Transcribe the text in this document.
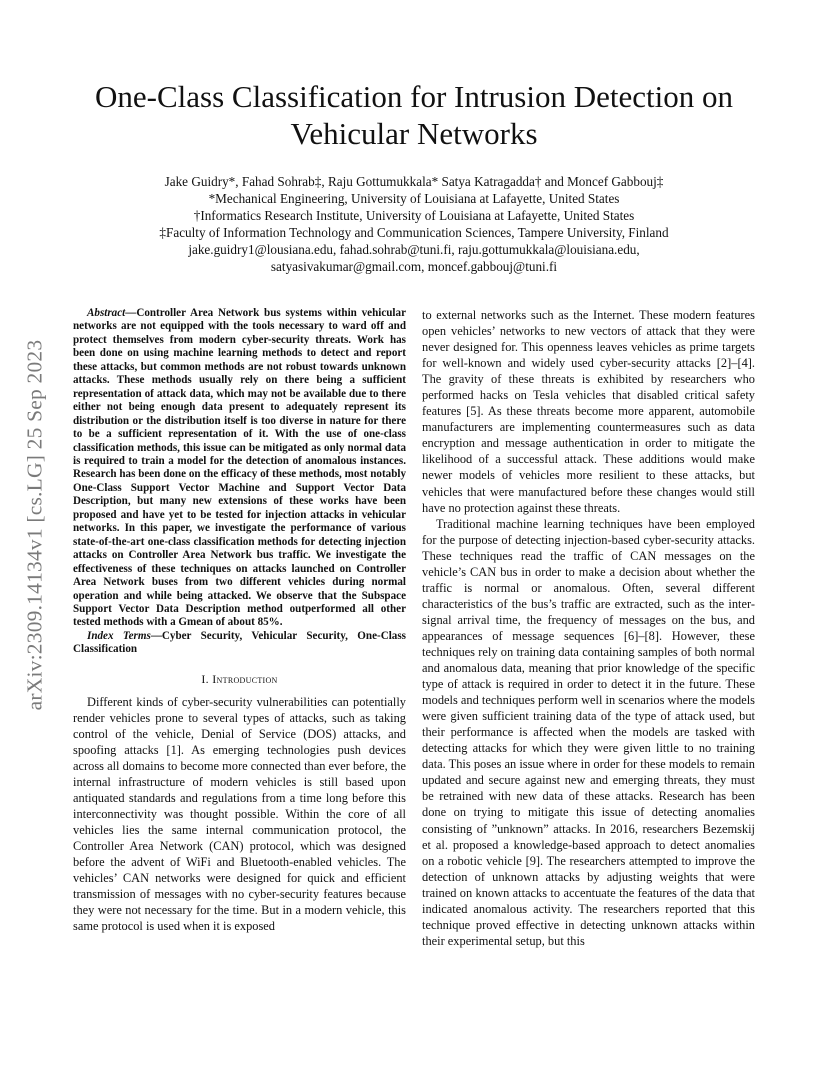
arXiv:2309.14134v1 [cs.LG] 25 Sep 2023
One-Class Classification for Intrusion Detection on Vehicular Networks
Jake Guidry*, Fahad Sohrab‡, Raju Gottumukkala* Satya Katragadda† and Moncef Gabbouj‡
*Mechanical Engineering, University of Louisiana at Lafayette, United States
†Informatics Research Institute, University of Louisiana at Lafayette, United States
‡Faculty of Information Technology and Communication Sciences, Tampere University, Finland
jake.guidry1@lousiana.edu, fahad.sohrab@tuni.fi, raju.gottumukkala@louisiana.edu,
satyasivakumar@gmail.com, moncef.gabbouj@tuni.fi

Abstract—Controller Area Network bus systems within vehicular networks are not equipped with the tools necessary to ward off and protect themselves from modern cyber-security threats. Work has been done on using machine learning methods to detect and report these attacks, but common methods are not robust towards unknown attacks. These methods usually rely on there being a sufficient representation of attack data, which may not be available due to there either not being enough data present to adequately represent its distribution or the distribution itself is too diverse in nature for there to be a sufficient representation of it. With the use of one-class classification methods, this issue can be mitigated as only normal data is required to train a model for the detection of anomalous instances. Research has been done on the efficacy of these methods, most notably One-Class Support Vector Machine and Support Vector Data Description, but many new extensions of these works have been proposed and have yet to be tested for injection attacks in vehicular networks. In this paper, we investigate the performance of various state-of-the-art one-class classification methods for detecting injection attacks on Controller Area Network bus traffic. We investigate the effectiveness of these techniques on attacks launched on Controller Area Network buses from two different vehicles during normal operation and while being attacked. We observe that the Subspace Support Vector Data Description method outperformed all other tested methods with a Gmean of about 85%.

Index Terms—Cyber Security, Vehicular Security, One-Class Classification

I. Introduction

Different kinds of cyber-security vulnerabilities can potentially render vehicles prone to several types of attacks, such as taking control of the vehicle, Denial of Service (DOS) attacks, and spoofing attacks [1]. As emerging technologies push devices across all domains to become more connected than ever before, the internal infrastructure of modern vehicles is still based upon antiquated standards and regulations from a time long before this interconnectivity was thought possible. Within the core of all vehicles lies the same internal communication protocol, the Controller Area Network (CAN) protocol, which was designed before the advent of WiFi and Bluetooth-enabled vehicles. The vehicles’ CAN networks were designed for quick and efficient transmission of messages with no cyber-security features because they were not necessary for the time. But in a modern vehicle, this same protocol is used when it is exposed

to external networks such as the Internet. These modern features open vehicles’ networks to new vectors of attack that they were never designed for. This openness leaves vehicles as prime targets for well-known and widely used cyber-security attacks [2]–[4]. The gravity of these threats is exhibited by researchers who performed hacks on Tesla vehicles that disabled critical safety features [5]. As these threats become more apparent, automobile manufacturers are implementing countermeasures such as data encryption and message authentication in order to mitigate the likelihood of a successful attack. These additions would make newer models of vehicles more resilient to these attacks, but vehicles that were manufactured before these changes would still have no protection against these threats.

Traditional machine learning techniques have been employed for the purpose of detecting injection-based cyber-security attacks. These techniques read the traffic of CAN messages on the vehicle’s CAN bus in order to make a decision about whether the traffic is normal or anomalous. Often, several different characteristics of the bus’s traffic are extracted, such as the inter-signal arrival time, the frequency of messages on the bus, and appearances of message sequences [6]–[8]. However, these techniques rely on training data containing samples of both normal and anomalous data, meaning that prior knowledge of the specific type of attack is required in order to detect it in the future. These models and techniques perform well in scenarios where the models were given sufficient training data of the type of attack used, but their performance is affected when the models are tasked with detecting attacks for which they were given little to no training data. This poses an issue where in order for these models to remain updated and secure against new and emerging threats, they must be retrained with new data of these attacks. Research has been done on trying to mitigate this issue of detecting anomalies consisting of ”unknown” attacks. In 2016, researchers Bezemskij et al. proposed a knowledge-based approach to detect anomalies on a robotic vehicle [9]. The researchers attempted to improve the detection of unknown attacks by adjusting weights that were trained on known attacks to accentuate the features of the data that indicated anomalous activity. The researchers reported that this technique proved effective in detecting unknown attacks within their experimental setup, but this
